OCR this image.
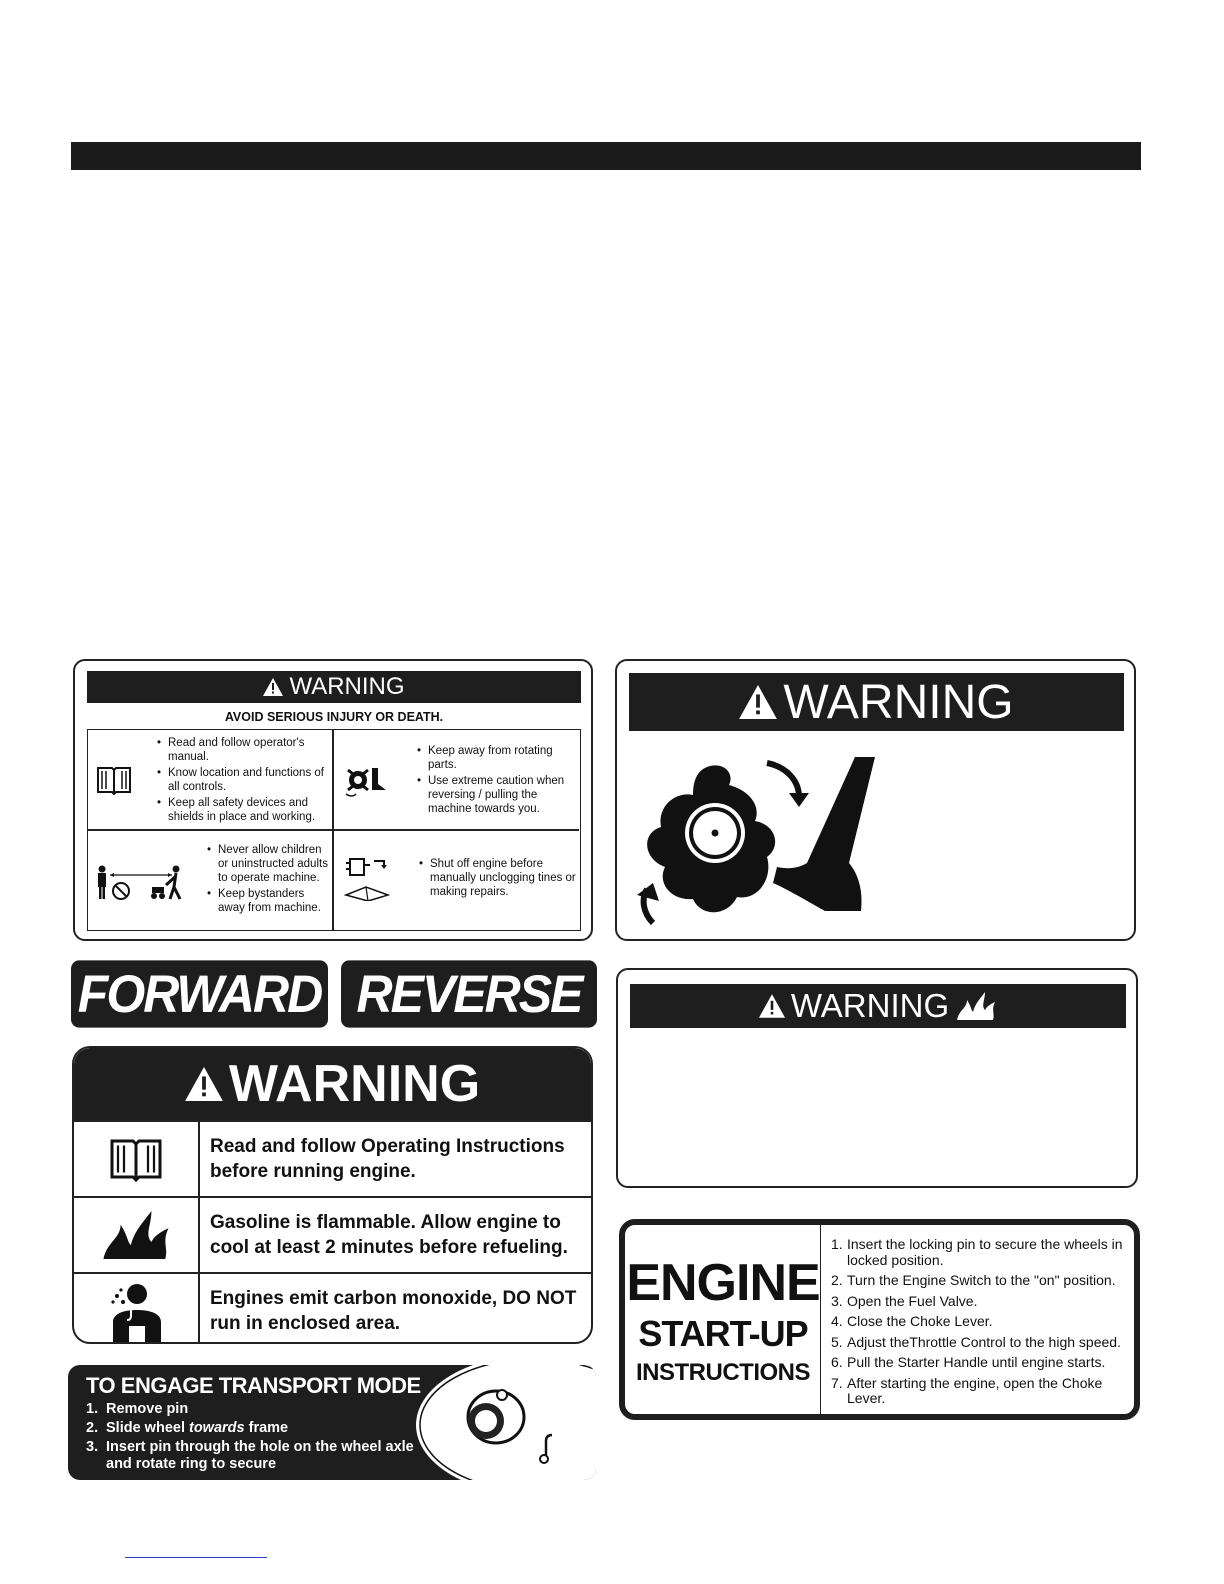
WARNING
AVOID SERIOUS INJURY OR DEATH.
• Read and follow operator's manual.
• Know location and functions of all controls.
• Keep all safety devices and shields in place and working.
• Keep away from rotating parts.
• Use extreme caution when reversing / pulling the machine towards you.
• Never allow children or uninstructed adults to operate machine.
• Keep bystanders away from machine.
• Shut off engine before manually unclogging tines or making repairs.
WARNING
FORWARD REVERSE	WARNING
WARNING
Read and follow Operating Instructions before running engine.
Gasoline is flammable. Allow engine to cool at least 2 minutes before refueling.
Engines emit carbon monoxide, DO NOT run in enclosed area.
TO ENGAGE TRANSPORT MODE
1. Remove pin
2. Slide wheel towards frame
3. Insert pin through the hole on the wheel axle and rotate ring to secure
ENGINE
START-UP
INSTRUCTIONS
1. Insert the locking pin to secure the wheels in locked position.
2. Turn the Engine Switch to the "on" position.
3. Open the Fuel Valve.
4. Close the Choke Lever.
5. Adjust theThrottle Control to the high speed.
6. Pull the Starter Handle until engine starts.
7. After starting the engine, open the Choke Lever.
